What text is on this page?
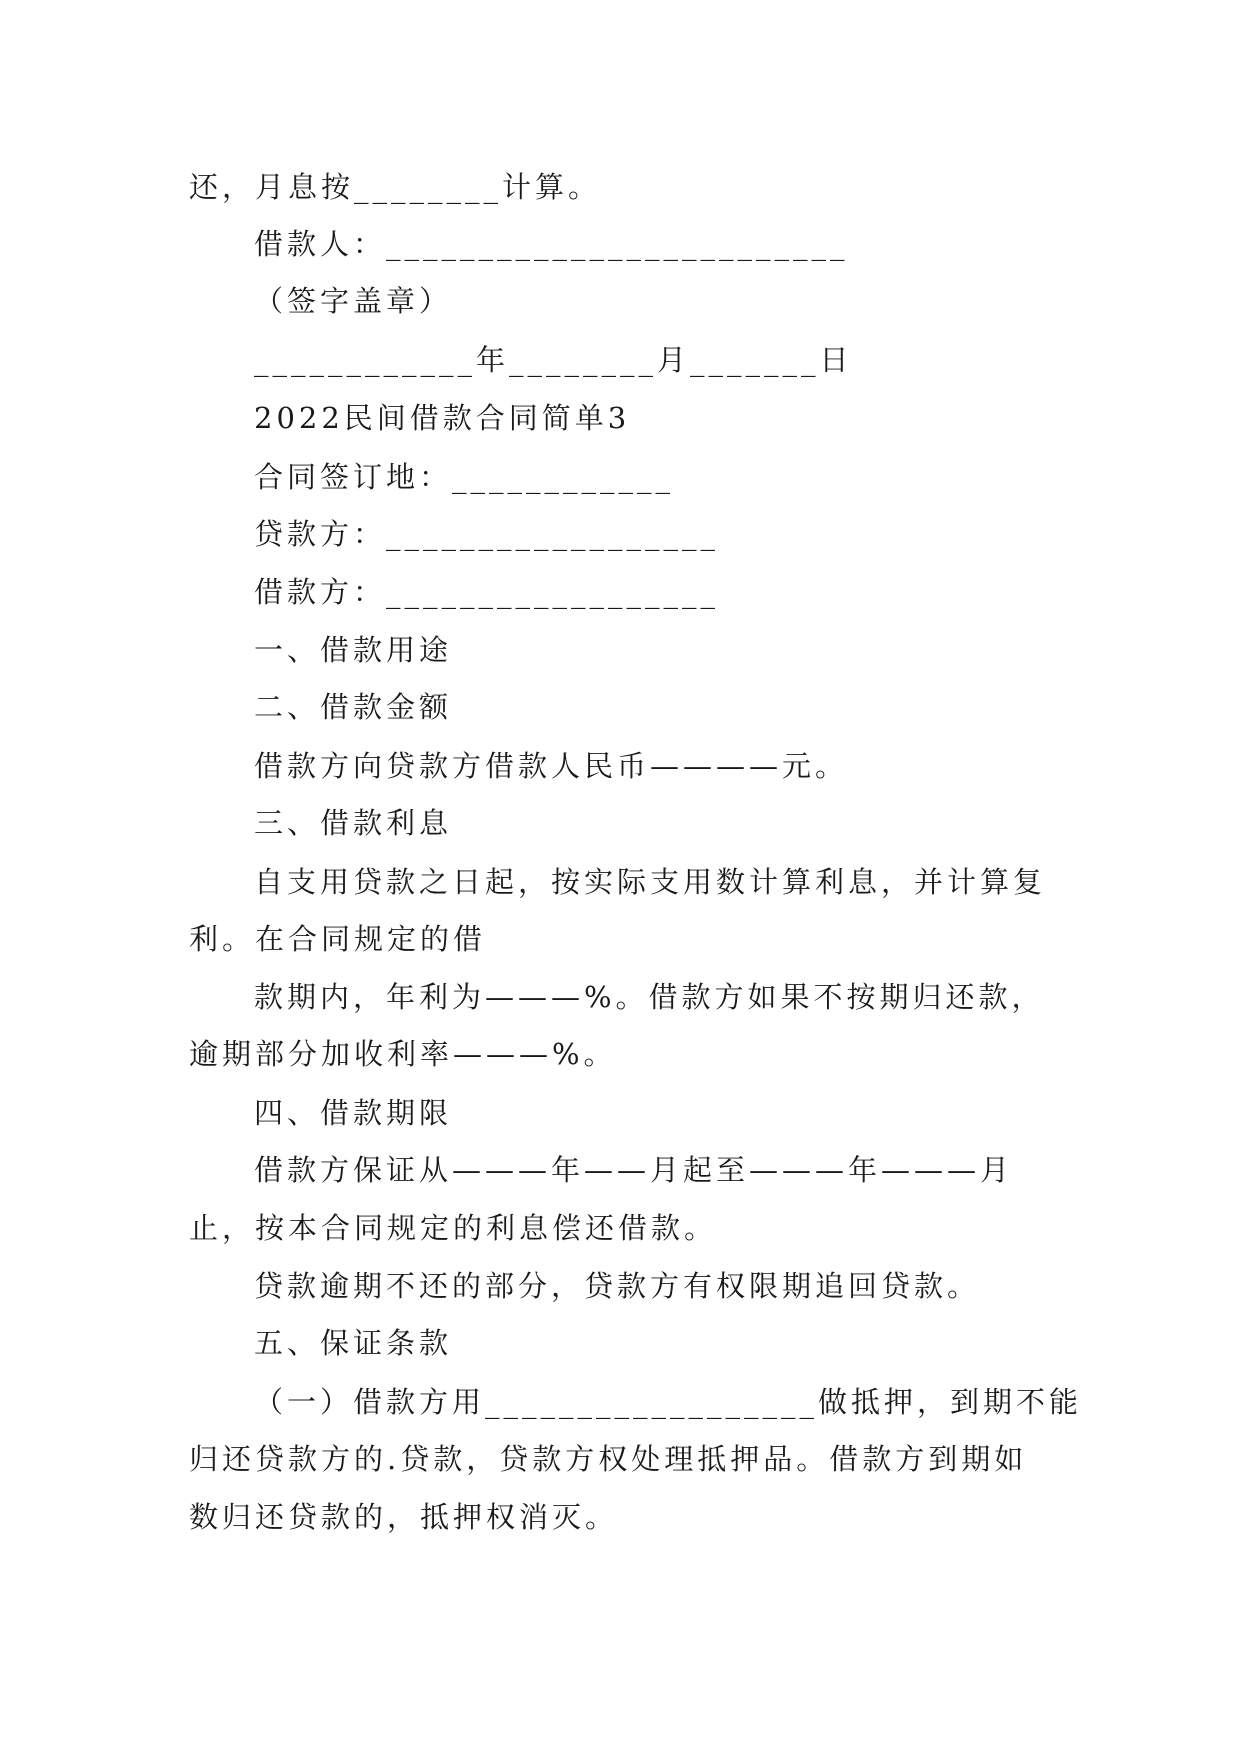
还，月息按________计算。
借款人：_________________________
（签字盖章）
____________年________月_______日
2022民间借款合同简单3
合同签订地：____________
贷款方：__________________
借款方：__________________
一、借款用途
二、借款金额
借款方向贷款方借款人民币————元。
三、借款利息
自支用贷款之日起，按实际支用数计算利息，并计算复
利。在合同规定的借
款期内，年利为———%。借款方如果不按期归还款，
逾期部分加收利率———%。
四、借款期限
借款方保证从———年——月起至———年———月
止，按本合同规定的利息偿还借款。
贷款逾期不还的部分，贷款方有权限期追回贷款。
五、保证条款
（一）借款方用__________________做抵押，到期不能
归还贷款方的.贷款，贷款方权处理抵押品。借款方到期如
数归还贷款的，抵押权消灭。
